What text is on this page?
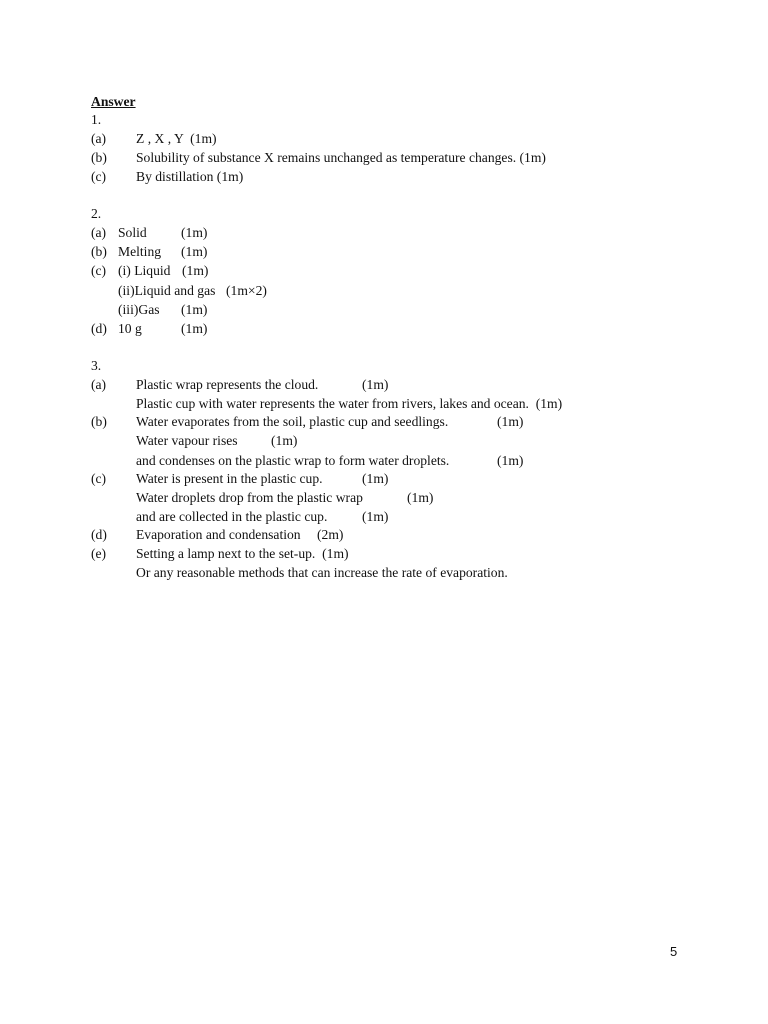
Answer
1.
(a) Z , X , Y  (1m)
(b) Solubility of substance X remains unchanged as temperature changes. (1m)
(c) By distillation (1m)
2.
(a) Solid	(1m)
(b) Melting (1m)
(c) (i) Liquid (1m)
(ii)Liquid and gas (1m×2)
(iii)Gas (1m)
(d) 10 g	(1m)
3.
(a) Plastic wrap represents the cloud.	(1m)
Plastic cup with water represents the water from rivers, lakes and ocean.  (1m)
(b) Water evaporates from the soil, plastic cup and seedlings.	(1m)
Water vapour rises (1m)
and condenses on the plastic wrap to form water droplets.	(1m)
(c) Water is present in the plastic cup.	(1m)
Water droplets drop from the plastic wrap	(1m)
and are collected in the plastic cup.	(1m)
(d) Evaporation and condensation (2m)
(e) Setting a lamp next to the set-up.  (1m)
Or any reasonable methods that can increase the rate of evaporation.
5
